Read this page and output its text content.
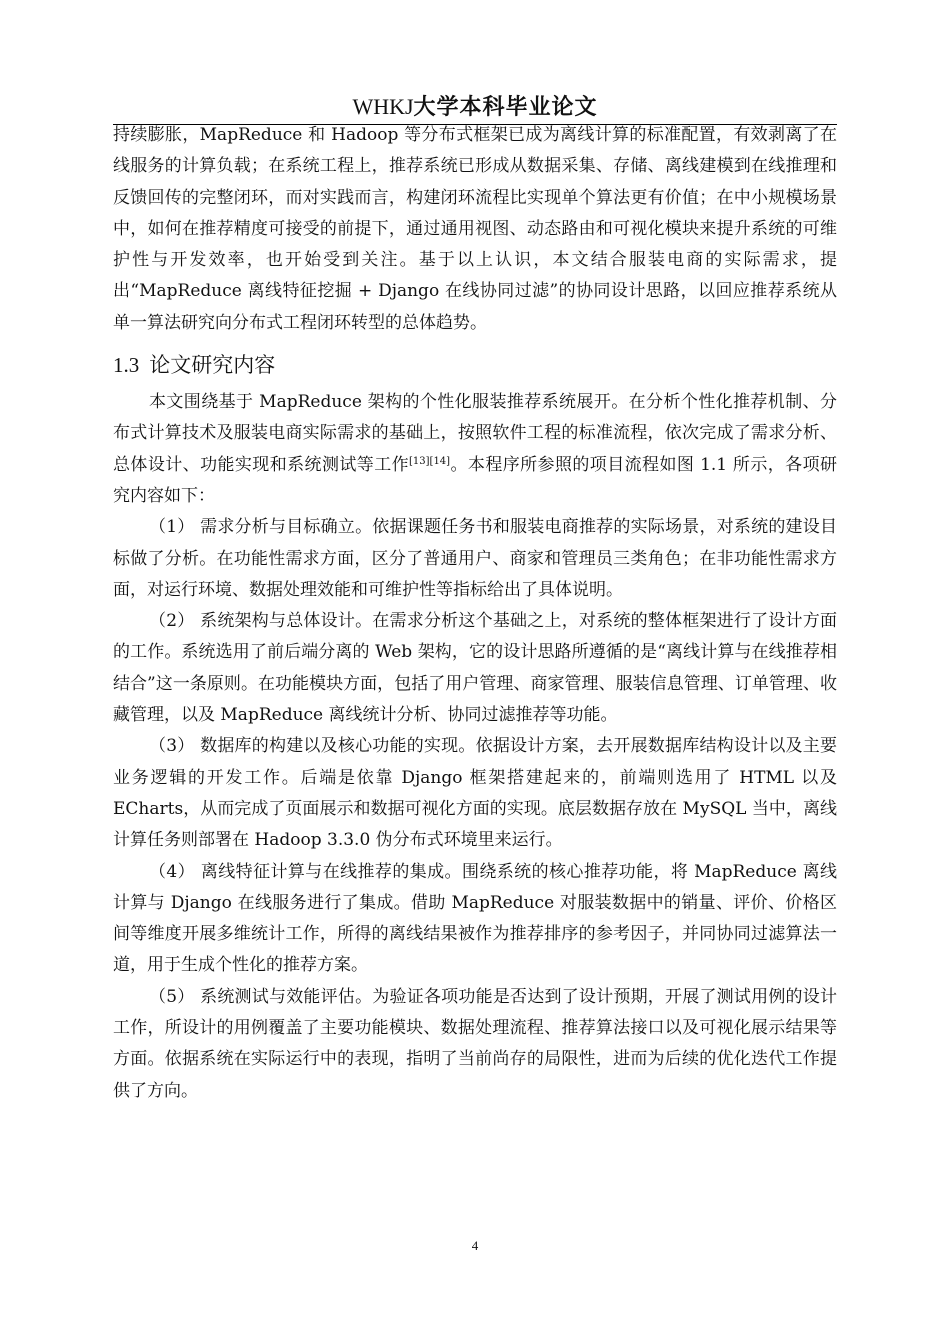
WHKJ大学本科毕业论文

持续膨胀，MapReduce 和 Hadoop 等分布式框架已成为离线计算的标准配置，有效剥离了在线服务的计算负载；在系统工程上，推荐系统已形成从数据采集、存储、离线建模到在线推理和反馈回传的完整闭环，而对实践而言，构建闭环流程比实现单个算法更有价值；在中小规模场景中，如何在推荐精度可接受的前提下，通过通用视图、动态路由和可视化模块来提升系统的可维护性与开发效率，也开始受到关注。基于以上认识，本文结合服装电商的实际需求，提出“MapReduce 离线特征挖掘 + Django 在线协同过滤”的协同设计思路，以回应推荐系统从单一算法研究向分布式工程闭环转型的总体趋势。

1.3 论文研究内容

本文围绕基于 MapReduce 架构的个性化服装推荐系统展开。在分析个性化推荐机制、分布式计算技术及服装电商实际需求的基础上，按照软件工程的标准流程，依次完成了需求分析、总体设计、功能实现和系统测试等工作[13][14]。本程序所参照的项目流程如图 1.1 所示，各项研究内容如下：

（1） 需求分析与目标确立。依据课题任务书和服装电商推荐的实际场景，对系统的建设目标做了分析。在功能性需求方面，区分了普通用户、商家和管理员三类角色；在非功能性需求方面，对运行环境、数据处理效能和可维护性等指标给出了具体说明。

（2） 系统架构与总体设计。在需求分析这个基础之上，对系统的整体框架进行了设计方面的工作。系统选用了前后端分离的 Web 架构，它的设计思路所遵循的是“离线计算与在线推荐相结合”这一条原则。在功能模块方面，包括了用户管理、商家管理、服装信息管理、订单管理、收藏管理，以及 MapReduce 离线统计分析、协同过滤推荐等功能。

（3） 数据库的构建以及核心功能的实现。依据设计方案，去开展数据库结构设计以及主要业务逻辑的开发工作。后端是依靠 Django 框架搭建起来的，前端则选用了 HTML 以及 ECharts，从而完成了页面展示和数据可视化方面的实现。底层数据存放在 MySQL 当中，离线计算任务则部署在 Hadoop 3.3.0 伪分布式环境里来运行。

（4） 离线特征计算与在线推荐的集成。围绕系统的核心推荐功能，将 MapReduce 离线计算与 Django 在线服务进行了集成。借助 MapReduce 对服装数据中的销量、评价、价格区间等维度开展多维统计工作，所得的离线结果被作为推荐排序的参考因子，并同协同过滤算法一道，用于生成个性化的推荐方案。

（5） 系统测试与效能评估。为验证各项功能是否达到了设计预期，开展了测试用例的设计工作，所设计的用例覆盖了主要功能模块、数据处理流程、推荐算法接口以及可视化展示结果等方面。依据系统在实际运行中的表现，指明了当前尚存的局限性，进而为后续的优化迭代工作提供了方向。

4
